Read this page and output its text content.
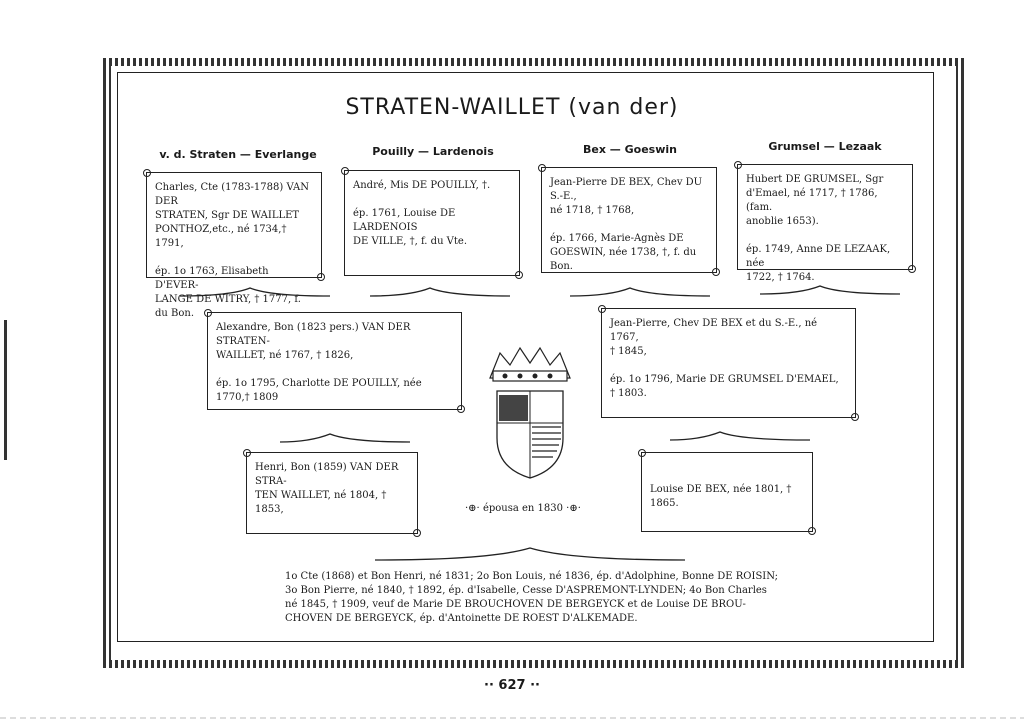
STRATEN-WAILLET (van der)
v. d. Straten — Everlange	Pouilly — Lardenois	Bex — Goeswin	Grumsel — Lezaak
Charles, Cte (1783-1788) VAN DER
STRATEN, Sgr DE WAILLET
PONTHOZ,etc., né 1734,† 1791,

ép. 1o 1763, Elisabeth D'EVER-
LANGE DE WITRY, † 1777, f.
du Bon.
André, Mis DE POUILLY, †.

ép. 1761, Louise DE LARDENOIS
DE VILLE, †, f. du Vte.
Jean-Pierre DE BEX, Chev DU S.-E.,
né 1718, † 1768,

ép. 1766, Marie-Agnès DE
GOESWIN, née 1738, †, f. du Bon.
Hubert DE GRUMSEL, Sgr
d'Emael, né 1717, † 1786, (fam.
anoblie 1653).

ép. 1749, Anne DE LEZAAK, née
1722, † 1764.
Alexandre, Bon (1823 pers.) VAN DER STRATEN-
WAILLET, né 1767, † 1826,

ép. 1o 1795, Charlotte DE POUILLY, née 1770,† 1809
Jean-Pierre, Chev DE BEX et du S.-E., né 1767,
† 1845,

ép. 1o 1796, Marie DE GRUMSEL D'EMAEL,
† 1803.
Henri, Bon (1859) VAN DER STRA-
TEN WAILLET, né 1804, † 1853,
Louise DE BEX, née 1801, † 1865.
·⊕· épousa en 1830 ·⊕·
1o Cte (1868) et Bon Henri, né 1831; 2o Bon Louis, né 1836, ép. d'Adolphine, Bonne DE ROISIN;
3o Bon Pierre, né 1840, † 1892, ép. d'Isabelle, Cesse D'ASPREMONT-LYNDEN; 4o Bon Charles
né 1845, † 1909, veuf de Marie DE BROUCHOVEN DE BERGEYCK et de Louise DE BROU-
CHOVEN DE BERGEYCK, ép. d'Antoinette DE ROEST D'ALKEMADE.
·· 627 ··
